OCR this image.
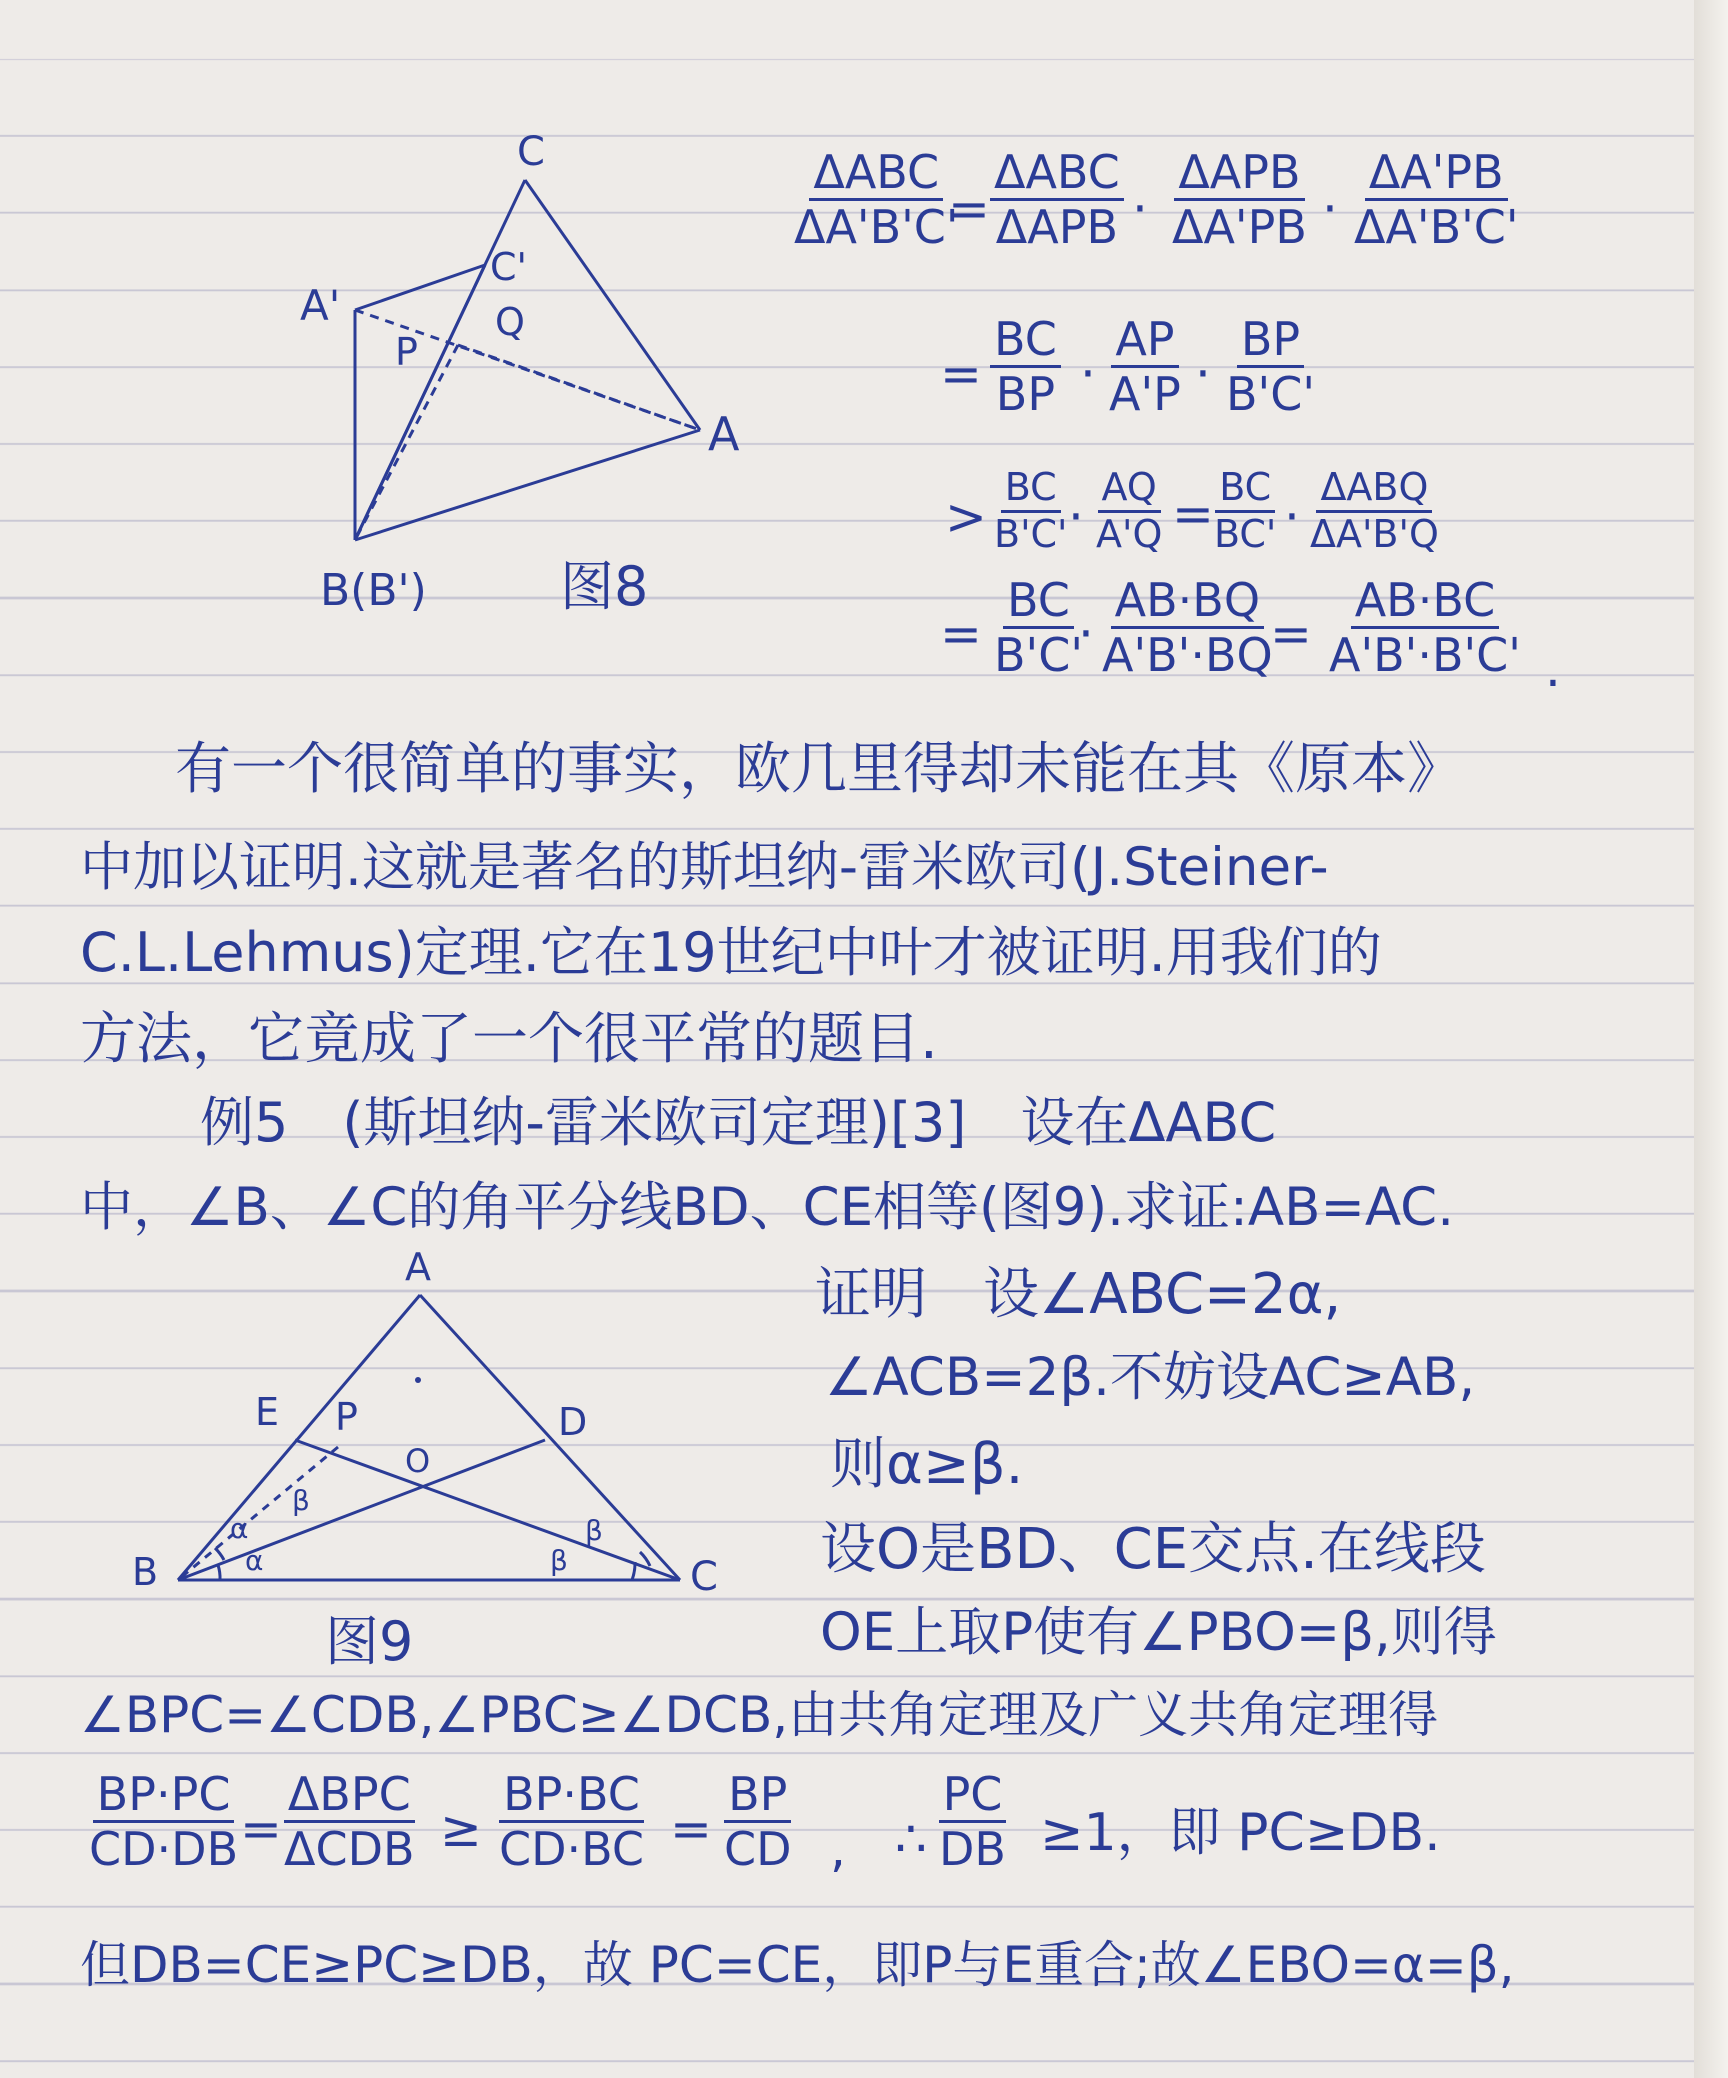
C
A
A'
C'
Q
P
B(B') 图8
ΔABC
ΔA'B'C'
=
ΔABC
ΔAPB ·
ΔAPB
$\Delta A'PB \cdot \frac{\Delta A'PB}{\Delta A'B'C'}$
= $\frac{BC}{BP} \cdot \frac{AP}{A'P} \cdot \frac{BP}{B'C'}$
> $\frac{BC}{B'C'}$
· $\frac{AQ}{A'Q}$ =
$\frac{BC}{BC'}$ ·
ΔABQ
ΔA'B'Q
= $\frac{BC}{B'C'}$
· $\frac{AB\cdot BQ}{A'B'\cdot BQ}$
= $\frac{AB\cdot BC}{A'B'\cdot B'C'}$ .
有一个很简单的事实，欧几里得却未能在其《原本》
中加以证明.这就是著名的斯坦纳-雷米欧司(J.Steiner-
C.L.Lehmus)定理.它在19世纪中叶才被证明.用我们的
方法，它竟成了一个很平常的题目.
例5　(斯坦纳-雷米欧司定理)[3]　设在ΔABC
中，∠B、∠C的角平分线BD、CE相等(图9).求证:AB=AC.
A
E P	D
O
B	C
β
α
α
β
β
图9
证明　设∠ABC=2α,
∠ACB=2β.不妨设AC≥AB,
则α≥β.
设O是BD、CE交点.在线段
OE上取P使有∠PBO=β,则得
∠BPC=∠CDB,∠PBC≥∠DCB,由共角定理及广义共角定理得
$\frac{BP\cdot PC}{CD\cdot DB}$
=
ΔBPC
$\Delta CDB \ge \frac{BP\cdot BC}{CD\cdot BC} = \frac{BP}{CD}$ , ∴ $\frac{PC}{DB} \ge 1$，即 PC≥DB.
但DB=CE≥PC≥DB，故 PC=CE，即P与E重合;故∠EBO=α=β,
